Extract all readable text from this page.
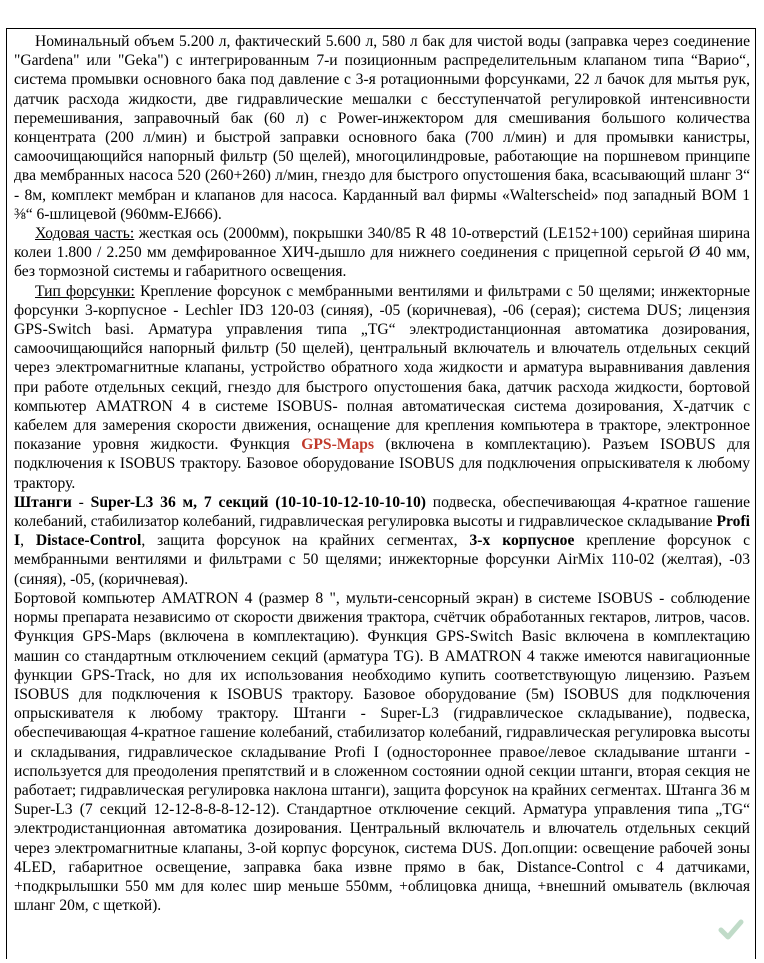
Номинальный объем 5.200 л, фактический 5.600 л, 580 л бак для чистой воды (заправка через соединение "Gardena" или "Geka") с интегрированным 7-и позиционным распределительным клапаном типа “Варио“, система промывки основного бака под давление с 3-я ротационными форсунками, 22 л бачок для мытья рук, датчик расхода жидкости, две гидравлические мешалки с бесступенчатой регулировкой интенсивности перемешивания, заправочный бак (60 л) с Power-инжектором для смешивания большого количества концентрата (200 л/мин) и быстрой заправки основного бака (700 л/мин) и для промывки канистры, самоочищающийся напорный фильтр (50 щелей), многоцилиндровые, работающие на поршневом принципе два мембранных насоса 520 (260+260) л/мин, гнездо для быстрого опустошения бака, всасывающий шланг 3“ - 8м, комплект мембран и клапанов для насоса. Карданный вал фирмы «Walterscheid» под западный ВОМ 1 ⅜“ 6-шлицевой (960мм-EJ666).

Ходовая часть: жесткая ось (2000мм), покрышки 340/85 R 48 10-отверстий (LE152+100) серийная ширина колеи 1.800 / 2.250 мм демфированное ХИЧ-дышло для нижнего соединения с прицепной серьгой Ø 40 мм, без тормозной системы и габаритного освещения.

Тип форсунки: Крепление форсунок с мембранными вентилями и фильтрами с 50 щелями; инжекторные форсунки 3-корпусное - Lechler ID3 120-03 (синяя), -05 (коричневая), -06 (серая); система DUS; лицензия GPS-Switch basi. Арматура управления типа „TG“ электродистанционная автоматика дозирования, самоочищающийся напорный фильтр (50 щелей), центральный включатель и влючатель отдельных секций через электромагнитные клапаны, устройство обратного хода жидкости и арматура выравнивания давления при работе отдельных секций, гнездо для быстрого опустошения бака, датчик расхода жидкости, бортовой компьютер AMATRON 4 в системе ISOBUS- полная автоматическая система дозирования, Х-датчик с кабелем для замерения скорости движения, оснащение для крепления компьютера в тракторе, электронное показание уровня жидкости. Функция GPS-Maps (включена в комплектацию). Разъем ISOBUS для подключения к ISOBUS трактору. Базовое оборудование ISOBUS для подключения опрыскивателя к любому трактору.

Штанги - Super-L3 36 м, 7 секций (10-10-10-12-10-10-10) подвеска, обеспечивающая 4-кратное гашение колебаний, стабилизатор колебаний, гидравлическая регулировка высоты и гидравлическое складывание Profi I, Distace-Control, защита форсунок на крайних сегментах, 3-х корпусное крепление форсунок с мембранными вентилями и фильтрами с 50 щелями; инжекторные форсунки AirMix 110-02 (желтая), -03 (синяя), -05, (коричневая).

Бортовой компьютер AMATRON 4 (размер 8 ", мульти-сенсорный экран) в системе ISOBUS - соблюдение нормы препарата независимо от скорости движения трактора, счётчик обработанных гектаров, литров, часов. Функция GPS-Maps (включена в комплектацию). Функция GPS-Switch Basic включена в комплектацию машин со стандартным отключением секций (арматура TG). В AMATRON 4 также имеются навигационные функции GPS-Track, но для их использования необходимо купить соответствующую лицензию. Разъем ISOBUS для подключения к ISOBUS трактору. Базовое оборудование (5м) ISOBUS для подключения опрыскивателя к любому трактору. Штанги - Super-L3 (гидравлическое складывание), подвеска, обеспечивающая 4-кратное гашение колебаний, стабилизатор колебаний, гидравлическая регулировка высоты и складывания, гидравлическое складывание Profi I (одностороннее правое/левое складывание штанги - используется для преодоления препятствий и в сложенном состоянии одной секции штанги, вторая секция не работает; гидравлическая регулировка наклона штанги), защита форсунок на крайних сегментах. Штанга 36 м Super-L3 (7 секций 12-12-8-8-8-12-12). Стандартное отключение секций. Арматура управления типа „TG“ электродистанционная автоматика дозирования. Центральный включатель и влючатель отдельных секций через электромагнитные клапаны, 3-ой корпус форсунок, система DUS. Доп.опции: освещение рабочей зоны 4LED, габаритное освещение, заправка бака извне прямо в бак, Distance-Control с 4 датчиками, +подкрылышки 550 мм для колес шир меньше 550мм, +облицовка днища, +внешний омыватель (включая шланг 20м, с щеткой).
